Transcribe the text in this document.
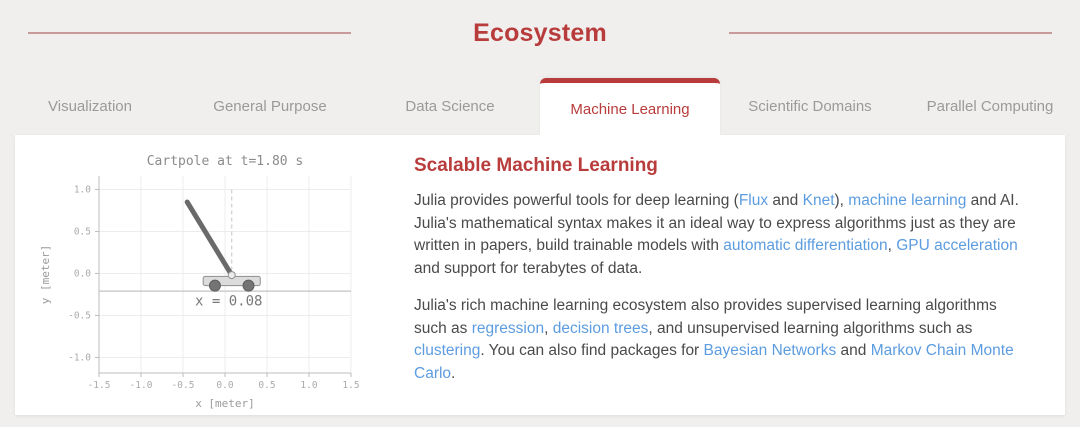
Ecosystem
Visualization	General Purpose	Data Science	Machine Learning	Scientific Domains	Parallel Computing
-1.5 -1.0 -0.5 0.0	0.5	1.0	1.5
-1.0
-0.5
0.0
0.5
1.0
Cartpole at t=1.80 s
x [meter]
y [meter]	x = 0.08
Scalable Machine Learning

Julia provides powerful tools for deep learning (Flux and Knet), machine learning and AI. Julia's mathematical syntax makes it an ideal way to express algorithms just as they are written in papers, build trainable models with automatic differentiation, GPU acceleration and support for terabytes of data.

Julia's rich machine learning ecosystem also provides supervised learning algorithms such as regression, decision trees, and unsupervised learning algorithms such as clustering. You can also find packages for Bayesian Networks and Markov Chain Monte Carlo.
